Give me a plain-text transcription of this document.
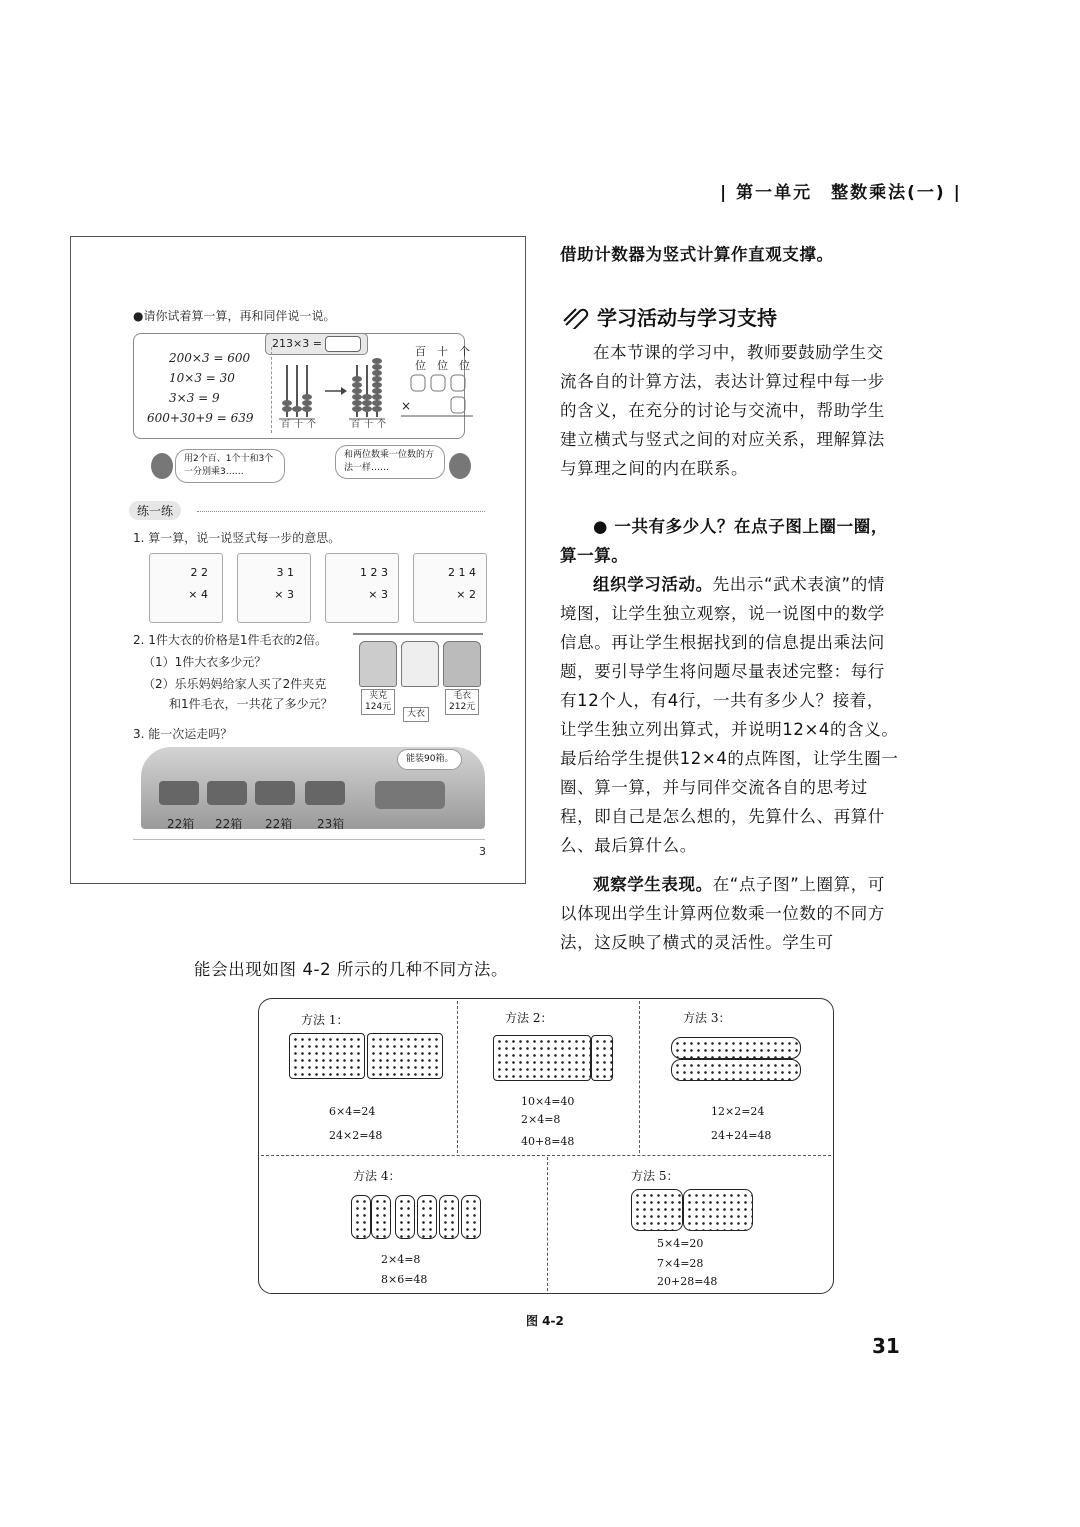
| 第一单元　整数乘法(一) |
●请你试着算一算，再和同伴说一说。
213×3 =
200×3 = 600
10×3 = 30
3×3 = 9
600+30+9 = 639	百十个	百十个
百十个
位位位
×
用2个百、1个十和3个一分别乘3……
和两位数乘一位数的方法一样……
练一练
1. 算一算，说一说竖式每一步的意思。
2 2
× 4
3 1
× 3
1 2 3
× 3
2 1 4
× 2
2. 1件大衣的价格是1件毛衣的2倍。
（1）1件大衣多少元？
（2）乐乐妈妈给家人买了2件夹克
和1件毛衣，一共花了多少元？
夹克
124元
大衣
毛衣
212元
3. 能一次运走吗？
能装90箱。
22箱 22箱 22箱 23箱
3
借助计数器为竖式计算作直观支撑。
学习活动与学习支持
在本节课的学习中，教师要鼓励学生交流各自的计算方法，表达计算过程中每一步的含义，在充分的讨论与交流中，帮助学生建立横式与竖式之间的对应关系，理解算法与算理之间的内在联系。
● 一共有多少人？在点子图上圈一圈，算一算。
组织学习活动。先出示“武术表演”的情境图，让学生独立观察，说一说图中的数学信息。再让学生根据找到的信息提出乘法问题，要引导学生将问题尽量表述完整：每行有12个人，有4行，一共有多少人？接着，让学生独立列出算式，并说明12×4的含义。最后给学生提供12×4的点阵图，让学生圈一圈、算一算，并与同伴交流各自的思考过程，即自己是怎么想的，先算什么、再算什么、最后算什么。
观察学生表现。在“点子图”上圈算，可以体现出学生计算两位数乘一位数的不同方法，这反映了横式的灵活性。学生可
能会出现如图 4-2 所示的几种不同方法。
方法 1：
6×4=24
24×2=48
方法 2：
10×4=40
2×4=8
40+8=48
方法 3：
12×2=24
24+24=48
方法 4：
2×4=8
8×6=48
方法 5：
5×4=20
7×4=28
20+28=48
图 4-2
31
